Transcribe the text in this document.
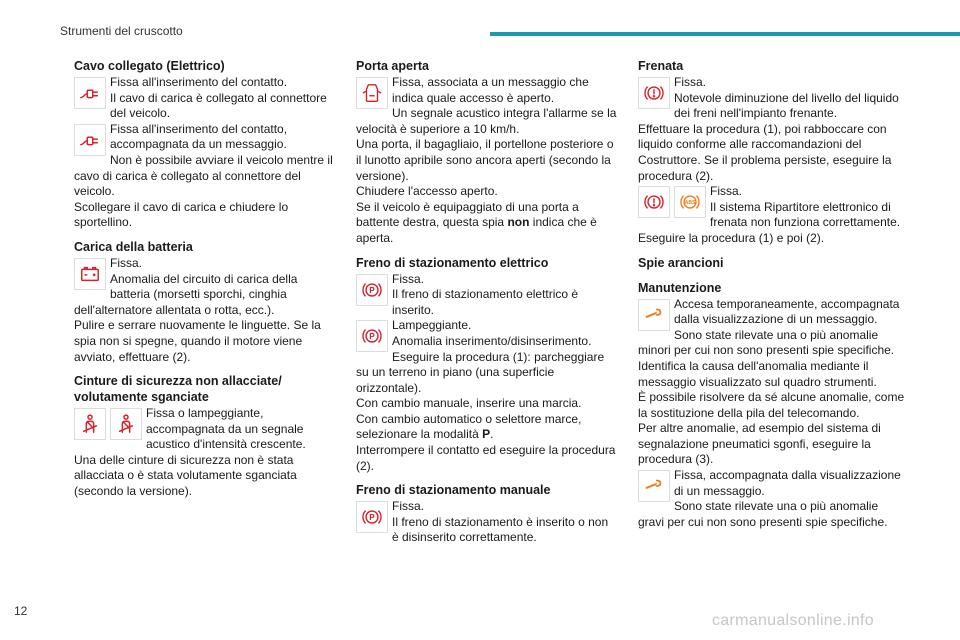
Strumenti del cruscotto
Cavo collegato (Elettrico)
Fissa all'inserimento del contatto.
Il cavo di carica è collegato al connettore del veicolo.
Fissa all'inserimento del contatto, accompagnata da un messaggio.
Non è possibile avviare il veicolo mentre il cavo di carica è collegato al connettore del veicolo.
Scollegare il cavo di carica e chiudere lo sportellino.
Carica della batteria
Fissa.
Anomalia del circuito di carica della batteria (morsetti sporchi, cinghia dell'alternatore allentata o rotta, ecc.).
Pulire e serrare nuovamente le linguette. Se la spia non si spegne, quando il motore viene avviato, effettuare (2).
Cinture di sicurezza non allacciate/ volutamente sganciate
Fissa o lampeggiante, accompagnata da un segnale acustico d'intensità crescente.
Una delle cinture di sicurezza non è stata allacciata o è stata volutamente sganciata (secondo la versione).
Porta aperta
Fissa, associata a un messaggio che indica quale accesso è aperto.
Un segnale acustico integra l'allarme se la velocità è superiore a 10 km/h.
Una porta, il bagagliaio, il portellone posteriore o il lunotto apribile sono ancora aperti (secondo la versione).
Chiudere l'accesso aperto.
Se il veicolo è equipaggiato di una porta a battente destra, questa spia non indica che è aperta.
Freno di stazionamento elettrico
P
Fissa.
Il freno di stazionamento elettrico è inserito.
P
Lampeggiante.
Anomalia inserimento/disinserimento.
Eseguire la procedura (1): parcheggiare su un terreno in piano (una superficie orizzontale).
Con cambio manuale, inserire una marcia.
Con cambio automatico o selettore marce, selezionare la modalità P.
Interrompere il contatto ed eseguire la procedura (2).
Freno di stazionamento manuale
P
Fissa.
Il freno di stazionamento è inserito o non è disinserito correttamente.
Frenata
Fissa.
Notevole diminuzione del livello del liquido dei freni nell'impianto frenante.
Effettuare la procedura (1), poi rabboccare con liquido conforme alle raccomandazioni del Costruttore. Se il problema persiste, eseguire la procedura (2).
ABS
Fissa.
Il sistema Ripartitore elettronico di frenata non funziona correttamente.
Eseguire la procedura (1) e poi (2).
Spie arancioni
Manutenzione
Accesa temporaneamente, accompagnata dalla visualizzazione di un messaggio.
Sono state rilevate una o più anomalie minori per cui non sono presenti spie specifiche.
Identifica la causa dell'anomalia mediante il messaggio visualizzato sul quadro strumenti.
È possibile risolvere da sé alcune anomalie, come la sostituzione della pila del telecomando.
Per altre anomalie, ad esempio del sistema di segnalazione pneumatici sgonfi, eseguire la procedura (3).
Fissa, accompagnata dalla visualizzazione di un messaggio.
Sono state rilevate una o più anomalie gravi per cui non sono presenti spie specifiche.
12
carmanualsonline.info
